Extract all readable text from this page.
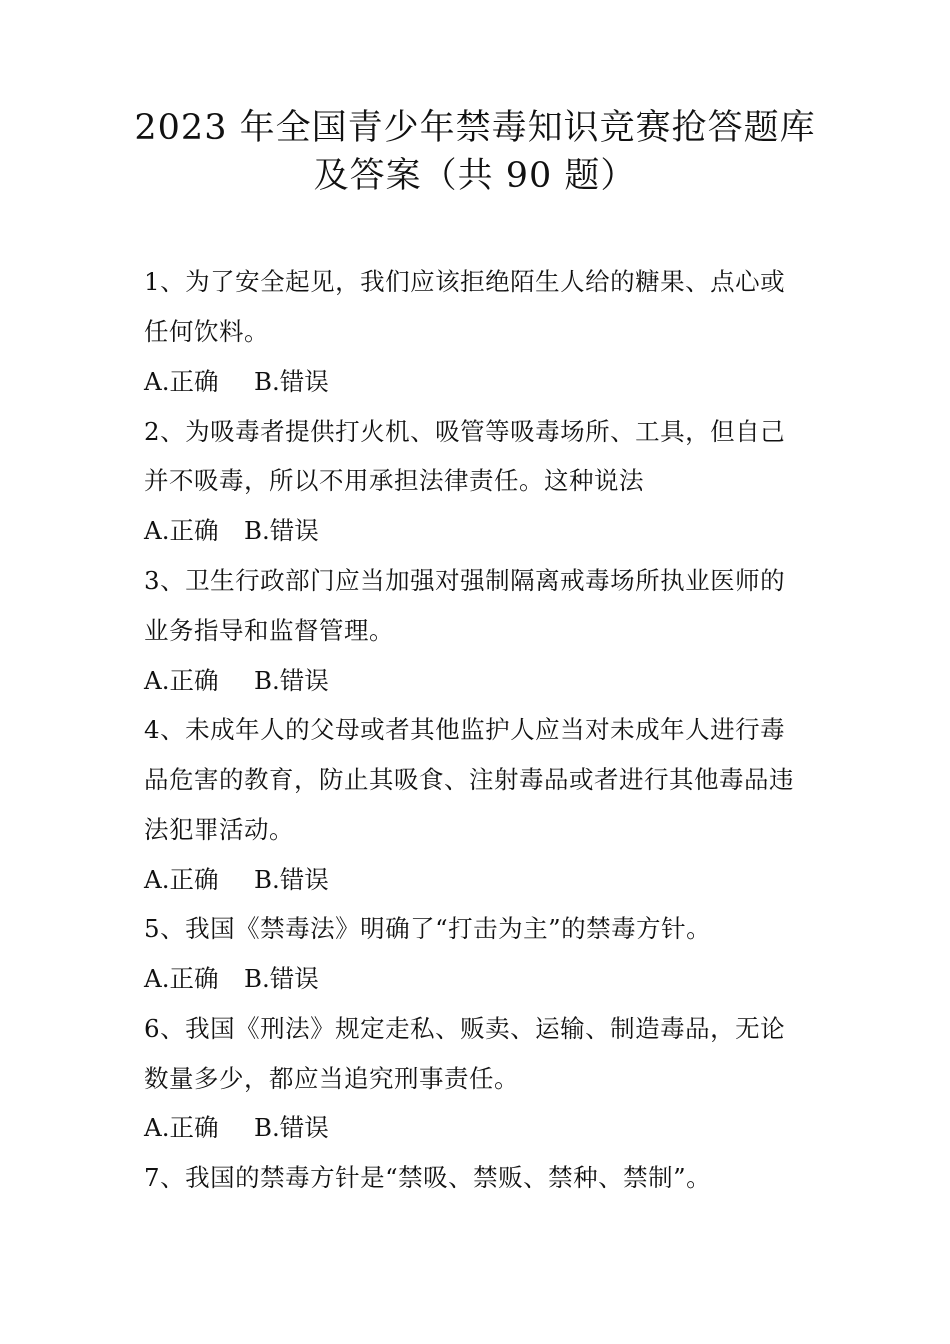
2023 年全国青少年禁毒知识竞赛抢答题库
及答案（共 90 题）
1、为了安全起见，我们应该拒绝陌生人给的糖果、点心或
任何饮料。
A.正确 B.错误
2、为吸毒者提供打火机、吸管等吸毒场所、工具，但自己
并不吸毒，所以不用承担法律责任。这种说法
A.正确 B.错误
3、卫生行政部门应当加强对强制隔离戒毒场所执业医师的
业务指导和监督管理。
A.正确 B.错误
4、未成年人的父母或者其他监护人应当对未成年人进行毒
品危害的教育，防止其吸食、注射毒品或者进行其他毒品违
法犯罪活动。
A.正确 B.错误
5、我国《禁毒法》明确了“打击为主”的禁毒方针。
A.正确 B.错误
6、我国《刑法》规定走私、贩卖、运输、制造毒品，无论
数量多少，都应当追究刑事责任。
A.正确 B.错误
7、我国的禁毒方针是“禁吸、禁贩、禁种、禁制”。
